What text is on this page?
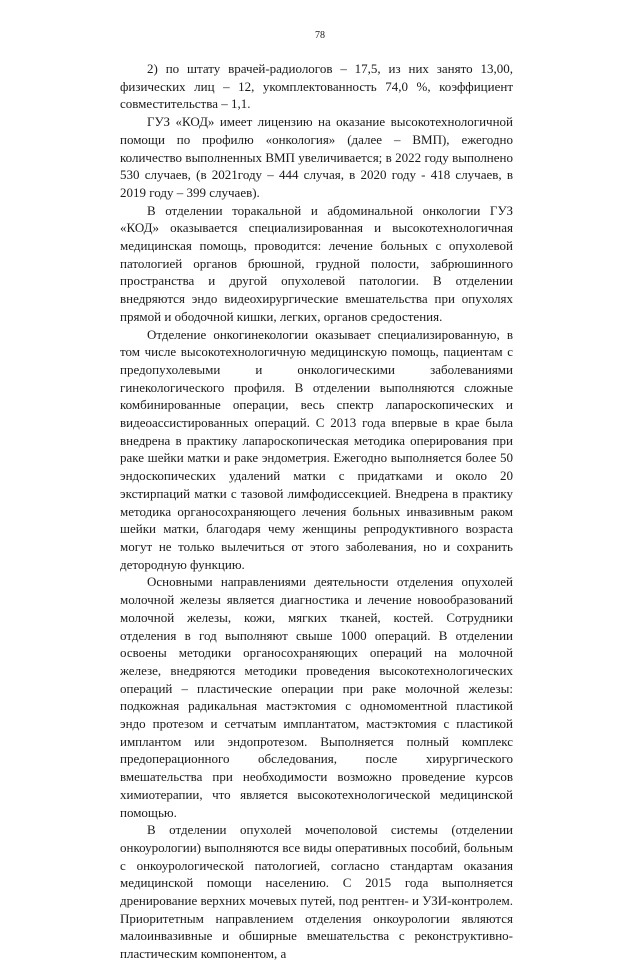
78

2) по штату врачей-радиологов – 17,5, из них занято 13,00, физических лиц – 12, укомплектованность 74,0 %, коэффициент совместительства – 1,1.

ГУЗ «КОД» имеет лицензию на оказание высокотехнологичной помощи по профилю «онкология» (далее – ВМП), ежегодно количество выполненных ВМП увеличивается; в 2022 году выполнено 530 случаев, (в 2021году – 444 случая, в 2020 году - 418 случаев, в 2019 году – 399 случаев).

В отделении торакальной и абдоминальной онкологии ГУЗ «КОД» оказывается специализированная и высокотехнологичная медицинская помощь, проводится: лечение больных с опухолевой патологией органов брюшной, грудной полости, забрюшинного пространства и другой опухолевой патологии. В отделении внедряются эндо видеохирургические вмешательства при опухолях прямой и ободочной кишки, легких, органов средостения.

Отделение онкогинекологии оказывает специализированную, в том числе высокотехнологичную медицинскую помощь, пациентам с предопухолевыми и онкологическими заболеваниями гинекологического профиля. В отделении выполняются сложные комбинированные операции, весь спектр лапароскопических и видеоассистированных операций. С 2013 года впервые в крае была внедрена в практику лапароскопическая методика оперирования при раке шейки матки и раке эндометрия. Ежегодно выполняется более 50 эндоскопических удалений матки с придатками и около 20 экстирпаций матки с тазовой лимфодиссекцией. Внедрена в практику методика органосохраняющего лечения больных инвазивным раком шейки матки, благодаря чему женщины репродуктивного возраста могут не только вылечиться от этого заболевания, но и сохранить детородную функцию.

Основными направлениями деятельности отделения опухолей молочной железы является диагностика и лечение новообразований молочной железы, кожи, мягких тканей, костей. Сотрудники отделения в год выполняют свыше 1000 операций. В отделении освоены методики органосохраняющих операций на молочной железе, внедряются методики проведения высокотехнологических операций – пластические операции при раке молочной железы: подкожная радикальная мастэктомия с одномоментной пластикой эндо протезом и сетчатым имплантатом, мастэктомия с пластикой имплантом или эндопротезом. Выполняется полный комплекс предоперационного обследования, после хирургического вмешательства при необходимости возможно проведение курсов химиотерапии, что является высокотехнологической медицинской помощью.

В отделении опухолей мочеполовой системы (отделении онкоурологии) выполняются все виды оперативных пособий, больным с онкоурологической патологией, согласно стандартам оказания медицинской помощи населению. С 2015 года выполняется дренирование верхних мочевых путей, под рентген- и УЗИ-контролем. Приоритетным направлением отделения онкоурологии являются малоинвазивные и обширные вмешательства с реконструктивно-пластическим компонентом, а
